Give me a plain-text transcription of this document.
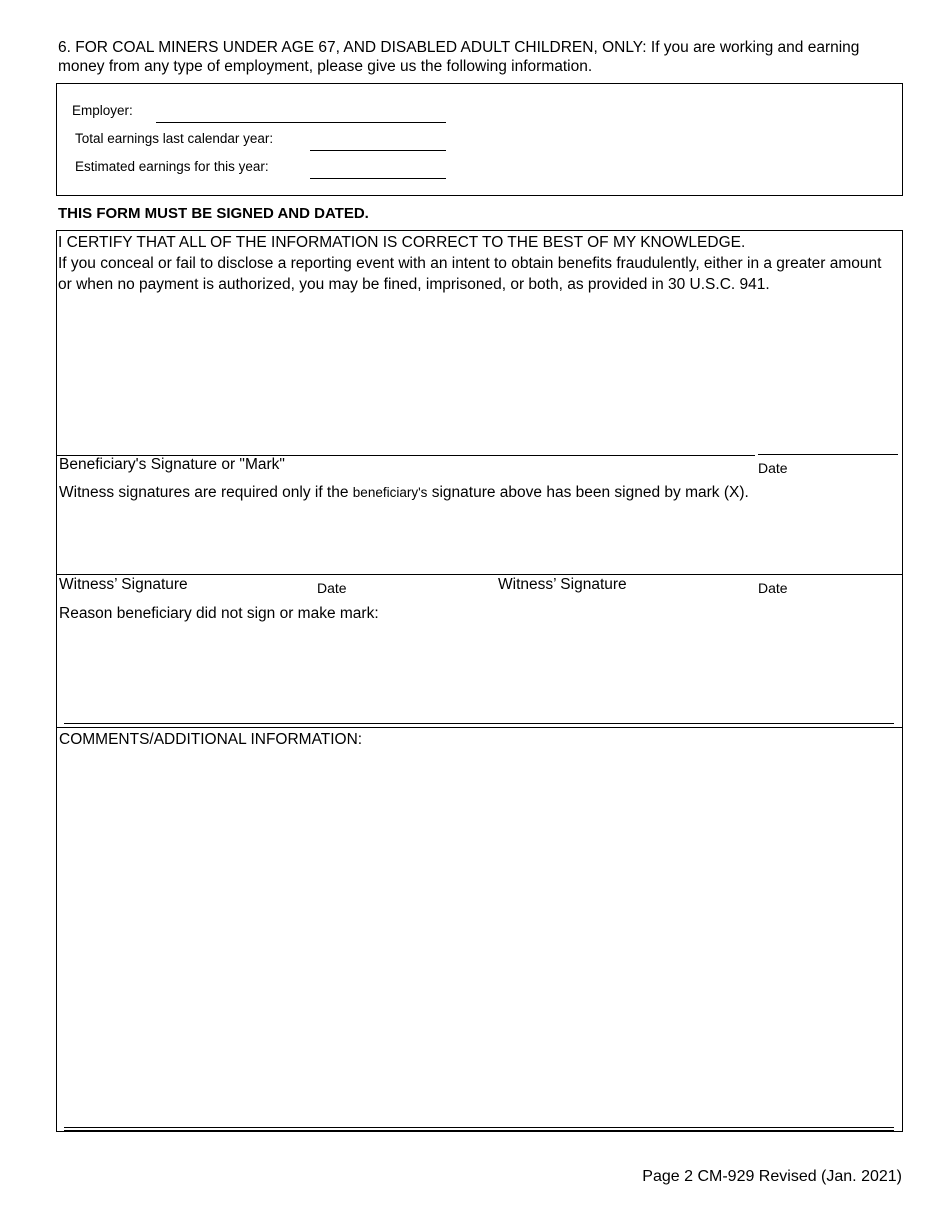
6. FOR COAL MINERS UNDER AGE 67, AND DISABLED ADULT CHILDREN, ONLY: If you are working and earning money from any type of employment, please give us the following information.
Employer:
Total earnings last calendar year:
Estimated earnings for this year:
THIS FORM MUST BE SIGNED AND DATED.
I CERTIFY THAT ALL OF THE INFORMATION IS CORRECT TO THE BEST OF MY KNOWLEDGE.
If you conceal or fail to disclose a reporting event with an intent to obtain benefits fraudulently, either in a greater amount or when no payment is authorized, you may be fined, imprisoned, or both, as provided in 30 U.S.C. 941.
Beneficiary's Signature or "Mark"	Date
Witness signatures are required only if the beneficiary's signature above has been signed by mark (X).
Witness’ Signature	Date	Witness’ Signature	Date
Reason beneficiary did not sign or make mark:
COMMENTS/ADDITIONAL INFORMATION:
Page 2 CM-929 Revised (Jan. 2021)
